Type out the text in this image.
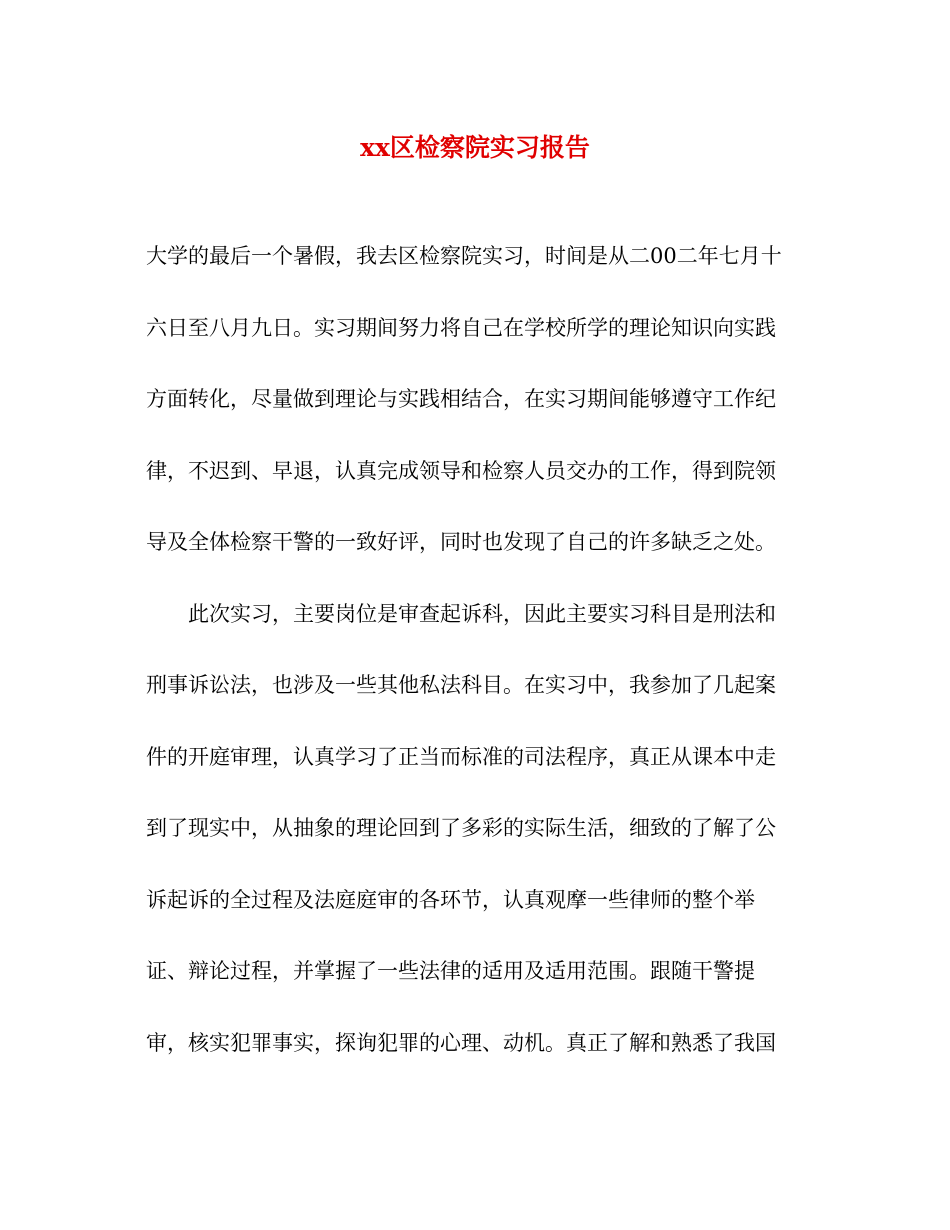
xx区检察院实习报告
大学的最后一个暑假，我去区检察院实习，时间是从二00二年七月十
六日至八月九日。实习期间努力将自己在学校所学的理论知识向实践
方面转化，尽量做到理论与实践相结合，在实习期间能够遵守工作纪
律，不迟到、早退，认真完成领导和检察人员交办的工作，得到院领
导及全体检察干警的一致好评，同时也发现了自己的许多缺乏之处。
此次实习，主要岗位是审查起诉科，因此主要实习科目是刑法和
刑事诉讼法，也涉及一些其他私法科目。在实习中，我参加了几起案
件的开庭审理，认真学习了正当而标准的司法程序，真正从课本中走
到了现实中，从抽象的理论回到了多彩的实际生活，细致的了解了公
诉起诉的全过程及法庭庭审的各环节，认真观摩一些律师的整个举
证、辩论过程，并掌握了一些法律的适用及适用范围。跟随干警提
审，核实犯罪事实，探询犯罪的心理、动机。真正了解和熟悉了我国
